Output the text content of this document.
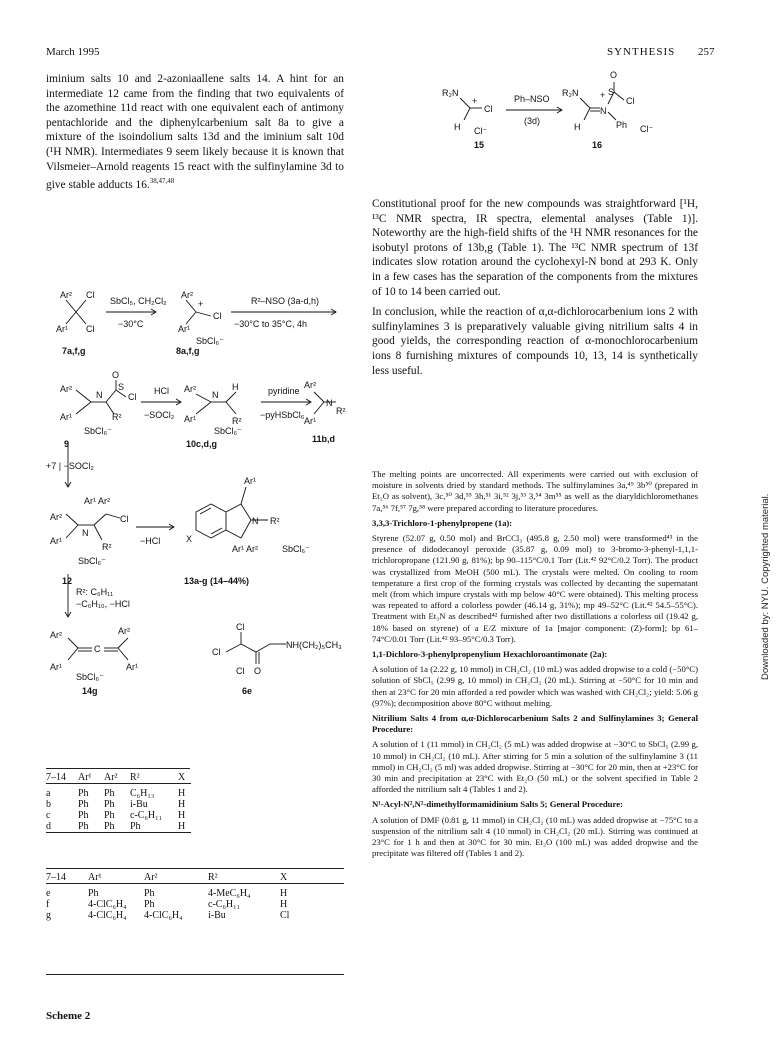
March 1995	SYNTHESIS 257

iminium salts 10 and 2-azoniaallene salts 14. A hint for an intermediate 12 came from the finding that two equivalents of the azomethine 11d react with one equivalent each of antimony pentachloride and the diphenylcarbenium salt 8a to give a mixture of the isoindolium salts 13d and the iminium salt 10d (¹H NMR). Intermediates 9 seem likely because it is known that Vilsmeier–Arnold reagents 15 react with the sulfinylamine 3d to give stable adducts 16.$^{38,47,48}$

Ar² Cl
Ar¹ Cl
SbCl₅, CH₂Cl₂
−30°C
Ar²
+
Cl
Ar¹
SbCl₆⁻
R²–NSO (3a-d,h)
−30°C to 35°C, 4h
7a,f,g	8a,f,g
O
S
Cl
Ar²
N
Ar¹	R²
SbCl₆⁻
HCl
−SOCl₂
Ar²
N
H
Ar¹	R²
SbCl₆⁻
pyridine
−pyHSbCl₆
Ar²
N
Ar¹
R²
9	10c,d,g	11b,d
+7 | −SOCl₂
Ar¹ Ar²
Ar²	Cl
N
Ar¹
R²
SbCl₆⁻
−HCl
Ar¹
X
N R²
Ar¹ Ar²	SbCl₆⁻
12	13a-g (14–44%)
R²: C₆H₁₁
−C₆H₁₀, −HCl
Ar²	Ar²
C
Ar¹	Ar¹
SbCl₆⁻
14g
Cl
Cl
NH(CH₂)₅CH₃
Cl O
6e
7–14	Ar¹	Ar²	R²	X

a	Ph	Ph	C₆H₁₃	H
b	Ph	Ph	i-Bu	H
c	Ph	Ph	c-C₆H₁₁	H
d	Ph	Ph	Ph	H

7–14	Ar¹	Ar²	R²	X

e	Ph	Ph	4-MeC₆H₄	H
f	4-ClC₆H₄	Ph	c-C₆H₁₁	H
g	4-ClC₆H₄	4-ClC₆H₄	i-Bu	Cl
Scheme 2
R₂N
+
Cl
H Cl⁻
Ph–NSO
(3d)
R₂N
O
+ S
Cl
N
H	Ph Cl⁻
15	16

Constitutional proof for the new compounds was straightforward [¹H, ¹³C NMR spectra, IR spectra, elemental analyses (Table 1)]. Noteworthy are the high-field shifts of the ¹H NMR resonances for the isobutyl protons of 13b,g (Table 1). The ¹³C NMR spectrum of 13f indicates slow rotation around the cyclohexyl-N bond at 293 K. Only in a few cases has the separation of the components from the mixtures of 10 to 14 been carried out.

In conclusion, while the reaction of α,α-dichlorocarbenium ions 2 with sulfinylamines 3 is preparatively valuable giving nitrilium salts 4 in good yields, the corresponding reaction of α-monochlorocarbenium ions 8 furnishing mixtures of compounds 10, 13, 14 is synthetically less useful.

The melting points are uncorrected. All experiments were carried out with exclusion of moisture in solvents dried by standard methods. The sulfinylamines 3a,⁴⁹ 3b⁵⁰ (prepared in Et₂O as solvent), 3c,⁵⁰ 3d,⁵⁵ 3h,⁵¹ 3i,⁵² 3j,⁵³ 3,⁵⁴ 3m⁵⁵ as well as the diaryldichloromethanes 7a,⁵⁶ 7f,⁵⁷ 7g,⁵⁸ were prepared according to literature procedures.

3,3,3-Trichloro-1-phenylpropene (1a):

Styrene (52.07 g, 0.50 mol) and BrCCl₃ (495.8 g, 2.50 mol) were transformed⁴³ in the presence of didodecanoyl peroxide (35.87 g, 0.09 mol) to 3-bromo-3-phenyl-1,1,1-trichloropropane (121.90 g, 81%); bp 90–115°C/0.1 Torr (Lit.⁴² 92°C/0.2 Torr). The product was crystallized from MeOH (500 mL). The crystals were melted. On cooling to room temperature a first crop of the forming crystals was collected by decanting the supernatant melt (from which impure crystals with mp below 40°C were obtained). This melting process was repeated to afford a colorless powder (46.14 g, 31%); mp 49–52°C (Lit.⁴² 54.5–55°C). Treatment with Et₃N as described⁴² furnished after two distillations a colorless oil (19.42 g, 18% based on styrene) of a E/Z mixture of 1a [major component: (Z)-form]; bp 61–74°C/0.01 Torr (Lit.⁴² 93–95°C/0.3 Torr).

1,1-Dichloro-3-phenylpropenylium Hexachloroantimonate (2a):

A solution of 1a (2.22 g, 10 mmol) in CH₂Cl₂ (10 mL) was added dropwise to a cold (−50°C) solution of SbCl₅ (2.99 g, 10 mmol) in CH₂Cl₂ (20 mL). Stirring at −50°C for 10 min and then at 23°C for 20 min afforded a red powder which was washed with CH₂Cl₂; yield: 5.06 g (97%); decomposition above 80°C without melting.

Nitrilium Salts 4 from α,α-Dichlorocarbenium Salts 2 and Sulfinylamines 3; General Procedure:

A solution of 1 (11 mmol) in CH₂Cl₂ (5 mL) was added dropwise at −30°C to SbCl₅ (2.99 g, 10 mmol) in CH₂Cl₂ (10 mL). After stirring for 5 min a solution of the sulfinylamine 3 (11 mmol) in CH₂Cl₂ (5 ml) was added dropwise. Stirring at −30°C for 20 min, then at +23°C for 30 min and precipitation at 23°C with Et₂O (50 mL) or the solvent specified in Table 2 afforded the nitrilium salt 4 (Tables 1 and 2).

N¹-Acyl-N²,N²-dimethylformamidinium Salts 5; General Procedure:

A solution of DMF (0.81 g, 11 mmol) in CH₂Cl₂ (10 mL) was added dropwise at −75°C to a suspension of the nitrilium salt 4 (10 mmol) in CH₂Cl₂ (20 mL). Stirring was continued at 23°C for 1 h and then at 30°C for 30 min. Et₂O (100 mL) was added dropwise and the precipitate was filtered off (Tables 1 and 2).

Downloaded by: NYU. Copyrighted material.
